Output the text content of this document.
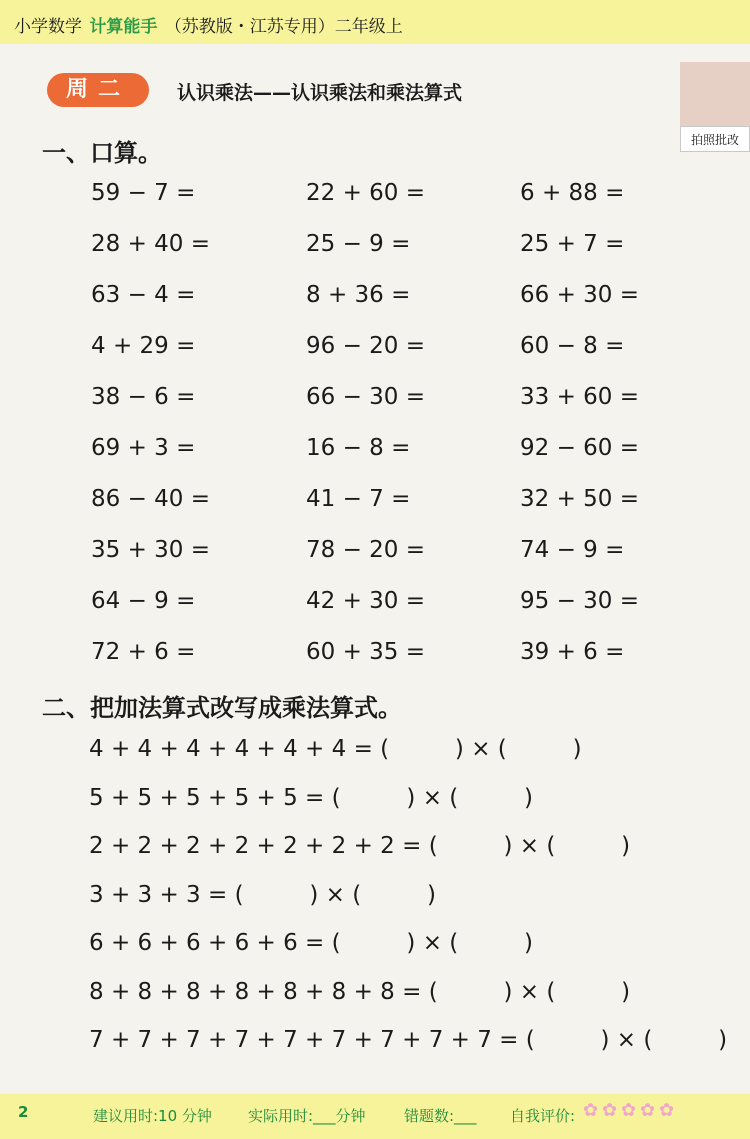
小学数学 计算能手 （苏教版・江苏专用）二年级上
周二	认识乘法——认识乘法和乘法算式
拍照批改
一、口算。
59 − 7 =	22 + 60 =	6 + 88 =
28 + 40 =	25 − 9 =	25 + 7 =
63 − 4 =	8 + 36 =	66 + 30 =
4 + 29 =	96 − 20 =	60 − 8 =
38 − 6 =	66 − 30 =	33 + 60 =
69 + 3 =	16 − 8 =	92 − 60 =
86 − 40 =	41 − 7 =	32 + 50 =
35 + 30 =	78 − 20 =	74 − 9 =
64 − 9 =	42 + 30 =	95 − 30 =
72 + 6 =	60 + 35 =	39 + 6 =
二、把加法算式改写成乘法算式。
4 + 4 + 4 + 4 + 4 + 4 = (         ) × (         )
5 + 5 + 5 + 5 + 5 = (         ) × (         )
2 + 2 + 2 + 2 + 2 + 2 + 2 = (         ) × (         )
3 + 3 + 3 = (         ) × (         )
6 + 6 + 6 + 6 + 6 = (         ) × (         )
8 + 8 + 8 + 8 + 8 + 8 + 8 = (         ) × (         )
7 + 7 + 7 + 7 + 7 + 7 + 7 + 7 + 7 = (         ) × (         )
2	建议用时:10 分钟 实际用时:___分钟	错题数:___ 自我评价: ✿ ✿ ✿ ✿ ✿
